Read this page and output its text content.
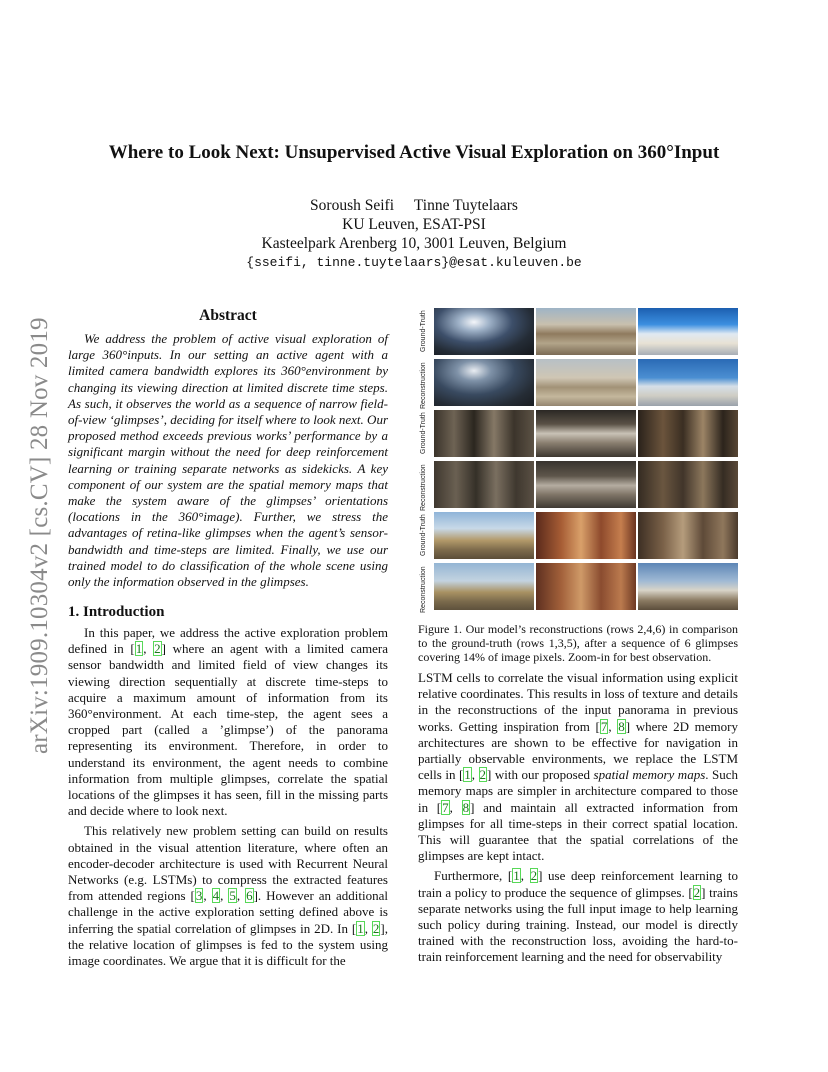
arXiv:1909.10304v2 [cs.CV] 28 Nov 2019
Where to Look Next: Unsupervised Active Visual Exploration on 360°Input
Soroush Seifi Tinne Tuytelaars
KU Leuven, ESAT-PSI
Kasteelpark Arenberg 10, 3001 Leuven, Belgium
{sseifi, tinne.tuytelaars}@esat.kuleuven.be
Abstract

We address the problem of active visual exploration of large 360°inputs. In our setting an active agent with a limited camera bandwidth explores its 360°environment by changing its viewing direction at limited discrete time steps. As such, it observes the world as a sequence of narrow field-of-view ‘glimpses’, deciding for itself where to look next. Our proposed method exceeds previous works’ performance by a significant margin without the need for deep reinforcement learning or training separate networks as sidekicks. A key component of our system are the spatial memory maps that make the system aware of the glimpses’ orientations (locations in the 360°image). Further, we stress the advantages of retina-like glimpses when the agent’s sensor-bandwidth and time-steps are limited. Finally, we use our trained model to do classification of the whole scene using only the information observed in the glimpses.

1. Introduction

In this paper, we address the active exploration problem defined in [1, 2] where an agent with a limited camera sensor bandwidth and limited field of view changes its viewing direction sequentially at discrete time-steps to acquire a maximum amount of information from its 360°environment. At each time-step, the agent sees a cropped part (called a ’glimpse’) of the panorama representing its environment. Therefore, in order to understand its environment, the agent needs to combine information from multiple glimpses, correlate the spatial locations of the glimpses it has seen, fill in the missing parts and decide where to look next.

This relatively new problem setting can build on results obtained in the visual attention literature, where often an encoder-decoder architecture is used with Recurrent Neural Networks (e.g. LSTMs) to compress the extracted features from attended regions [3, 4, 5, 6]. However an additional challenge in the active exploration setting defined above is inferring the spatial correlation of glimpses in 2D. In [1, 2], the relative location of glimpses is fed to the system using image coordinates. We argue that it is difficult for the

Ground-Truth
Reconstruction
Ground-Truth
Reconstruction
Ground-Truth
Reconstruction
Figure 1. Our model’s reconstructions (rows 2,4,6) in comparison to the ground-truth (rows 1,3,5), after a sequence of 6 glimpses covering 14% of image pixels. Zoom-in for best observation.

LSTM cells to correlate the visual information using explicit relative coordinates. This results in loss of texture and details in the reconstructions of the input panorama in previous works. Getting inspiration from [7, 8] where 2D memory architectures are shown to be effective for navigation in partially observable environments, we replace the LSTM cells in [1, 2] with our proposed spatial memory maps. Such memory maps are simpler in architecture compared to those in [7, 8] and maintain all extracted information from glimpses for all time-steps in their correct spatial location. This will guarantee that the spatial correlations of the glimpses are kept intact.

Furthermore, [1, 2] use deep reinforcement learning to train a policy to produce the sequence of glimpses. [2] trains separate networks using the full input image to help learning such policy during training. Instead, our model is directly trained with the reconstruction loss, avoiding the hard-to-train reinforcement learning and the need for observability
